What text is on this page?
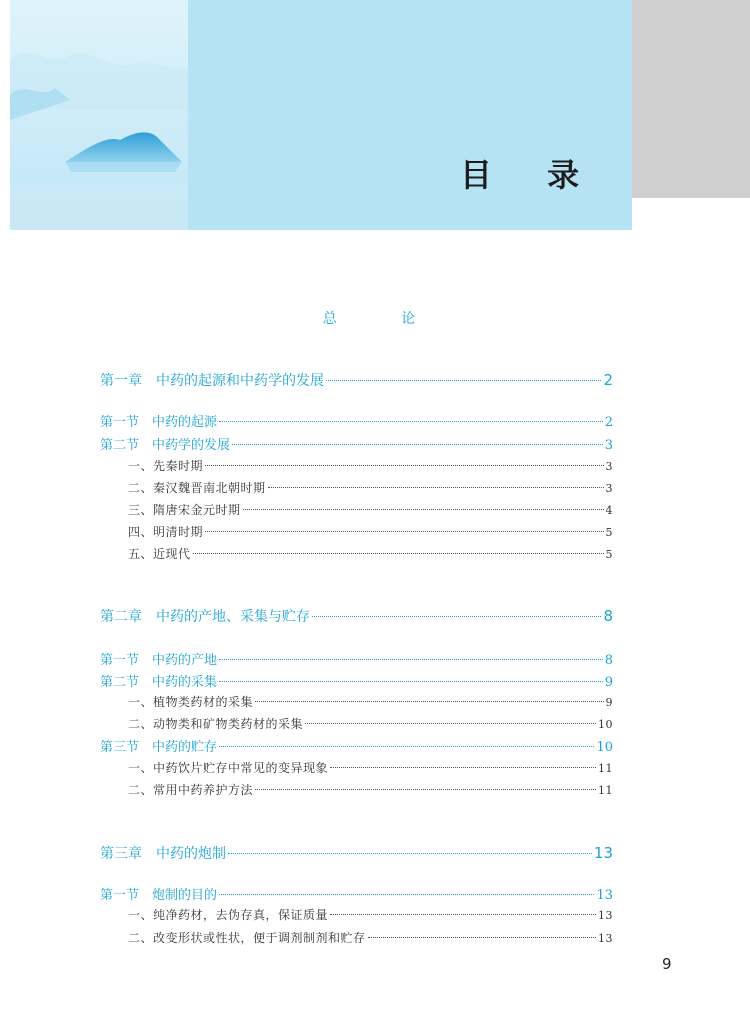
目 录
总 论
第一章 中药的起源和中药学的发展	2
第一节 中药的起源	2
第二节 中药学的发展	3
一、先秦时期	3
二、秦汉魏晋南北朝时期	3
三、隋唐宋金元时期	4
四、明清时期	5
五、近现代	5
第二章 中药的产地、采集与贮存	8
第一节 中药的产地	8
第二节 中药的采集	9
一、植物类药材的采集	9
二、动物类和矿物类药材的采集	10
第三节 中药的贮存	10
一、中药饮片贮存中常见的变异现象	11
二、常用中药养护方法	11
第三章 中药的炮制	13
第一节 炮制的目的	13
一、纯净药材，去伪存真，保证质量	13
二、改变形状或性状，便于调剂制剂和贮存	13
9
